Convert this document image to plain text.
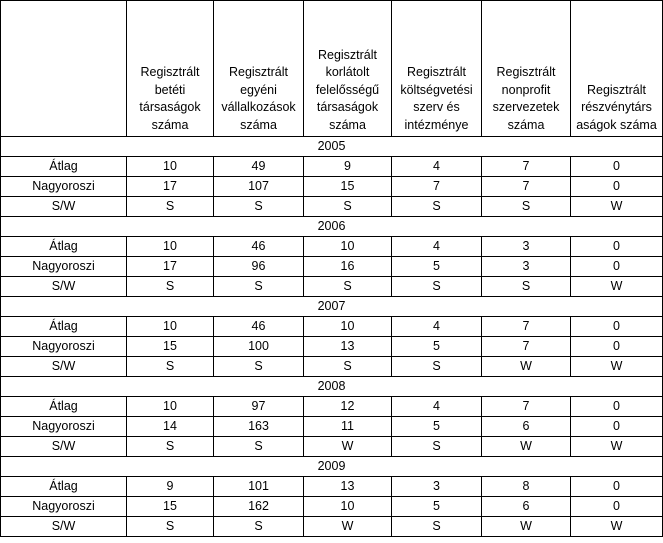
	Regisztrált
betéti
társaságok
száma	Regisztrált
egyéni
vállalkozások
száma	Regisztrált
korlátolt
felelősségű
társaságok
száma	Regisztrált
költségvetési
szerv és
intézménye	Regisztrált
nonprofit
szervezetek
száma	Regisztrált
részvénytárs
aságok száma

2005						
Átlag	10	49	9	4	7	0
Nagyoroszi	17	107	15	7	7	0
S/W	S	S	S	S	S	W
2006						
Átlag	10	46	10	4	3	0
Nagyoroszi	17	96	16	5	3	0
S/W	S	S	S	S	S	W
2007						
Átlag	10	46	10	4	7	0
Nagyoroszi	15	100	13	5	7	0
S/W	S	S	S	S	W	W
2008						
Átlag	10	97	12	4	7	0
Nagyoroszi	14	163	11	5	6	0
S/W	S	S	W	S	W	W
2009						
Átlag	9	101	13	3	8	0
Nagyoroszi	15	162	10	5	6	0
S/W	S	S	W	S	W	W
